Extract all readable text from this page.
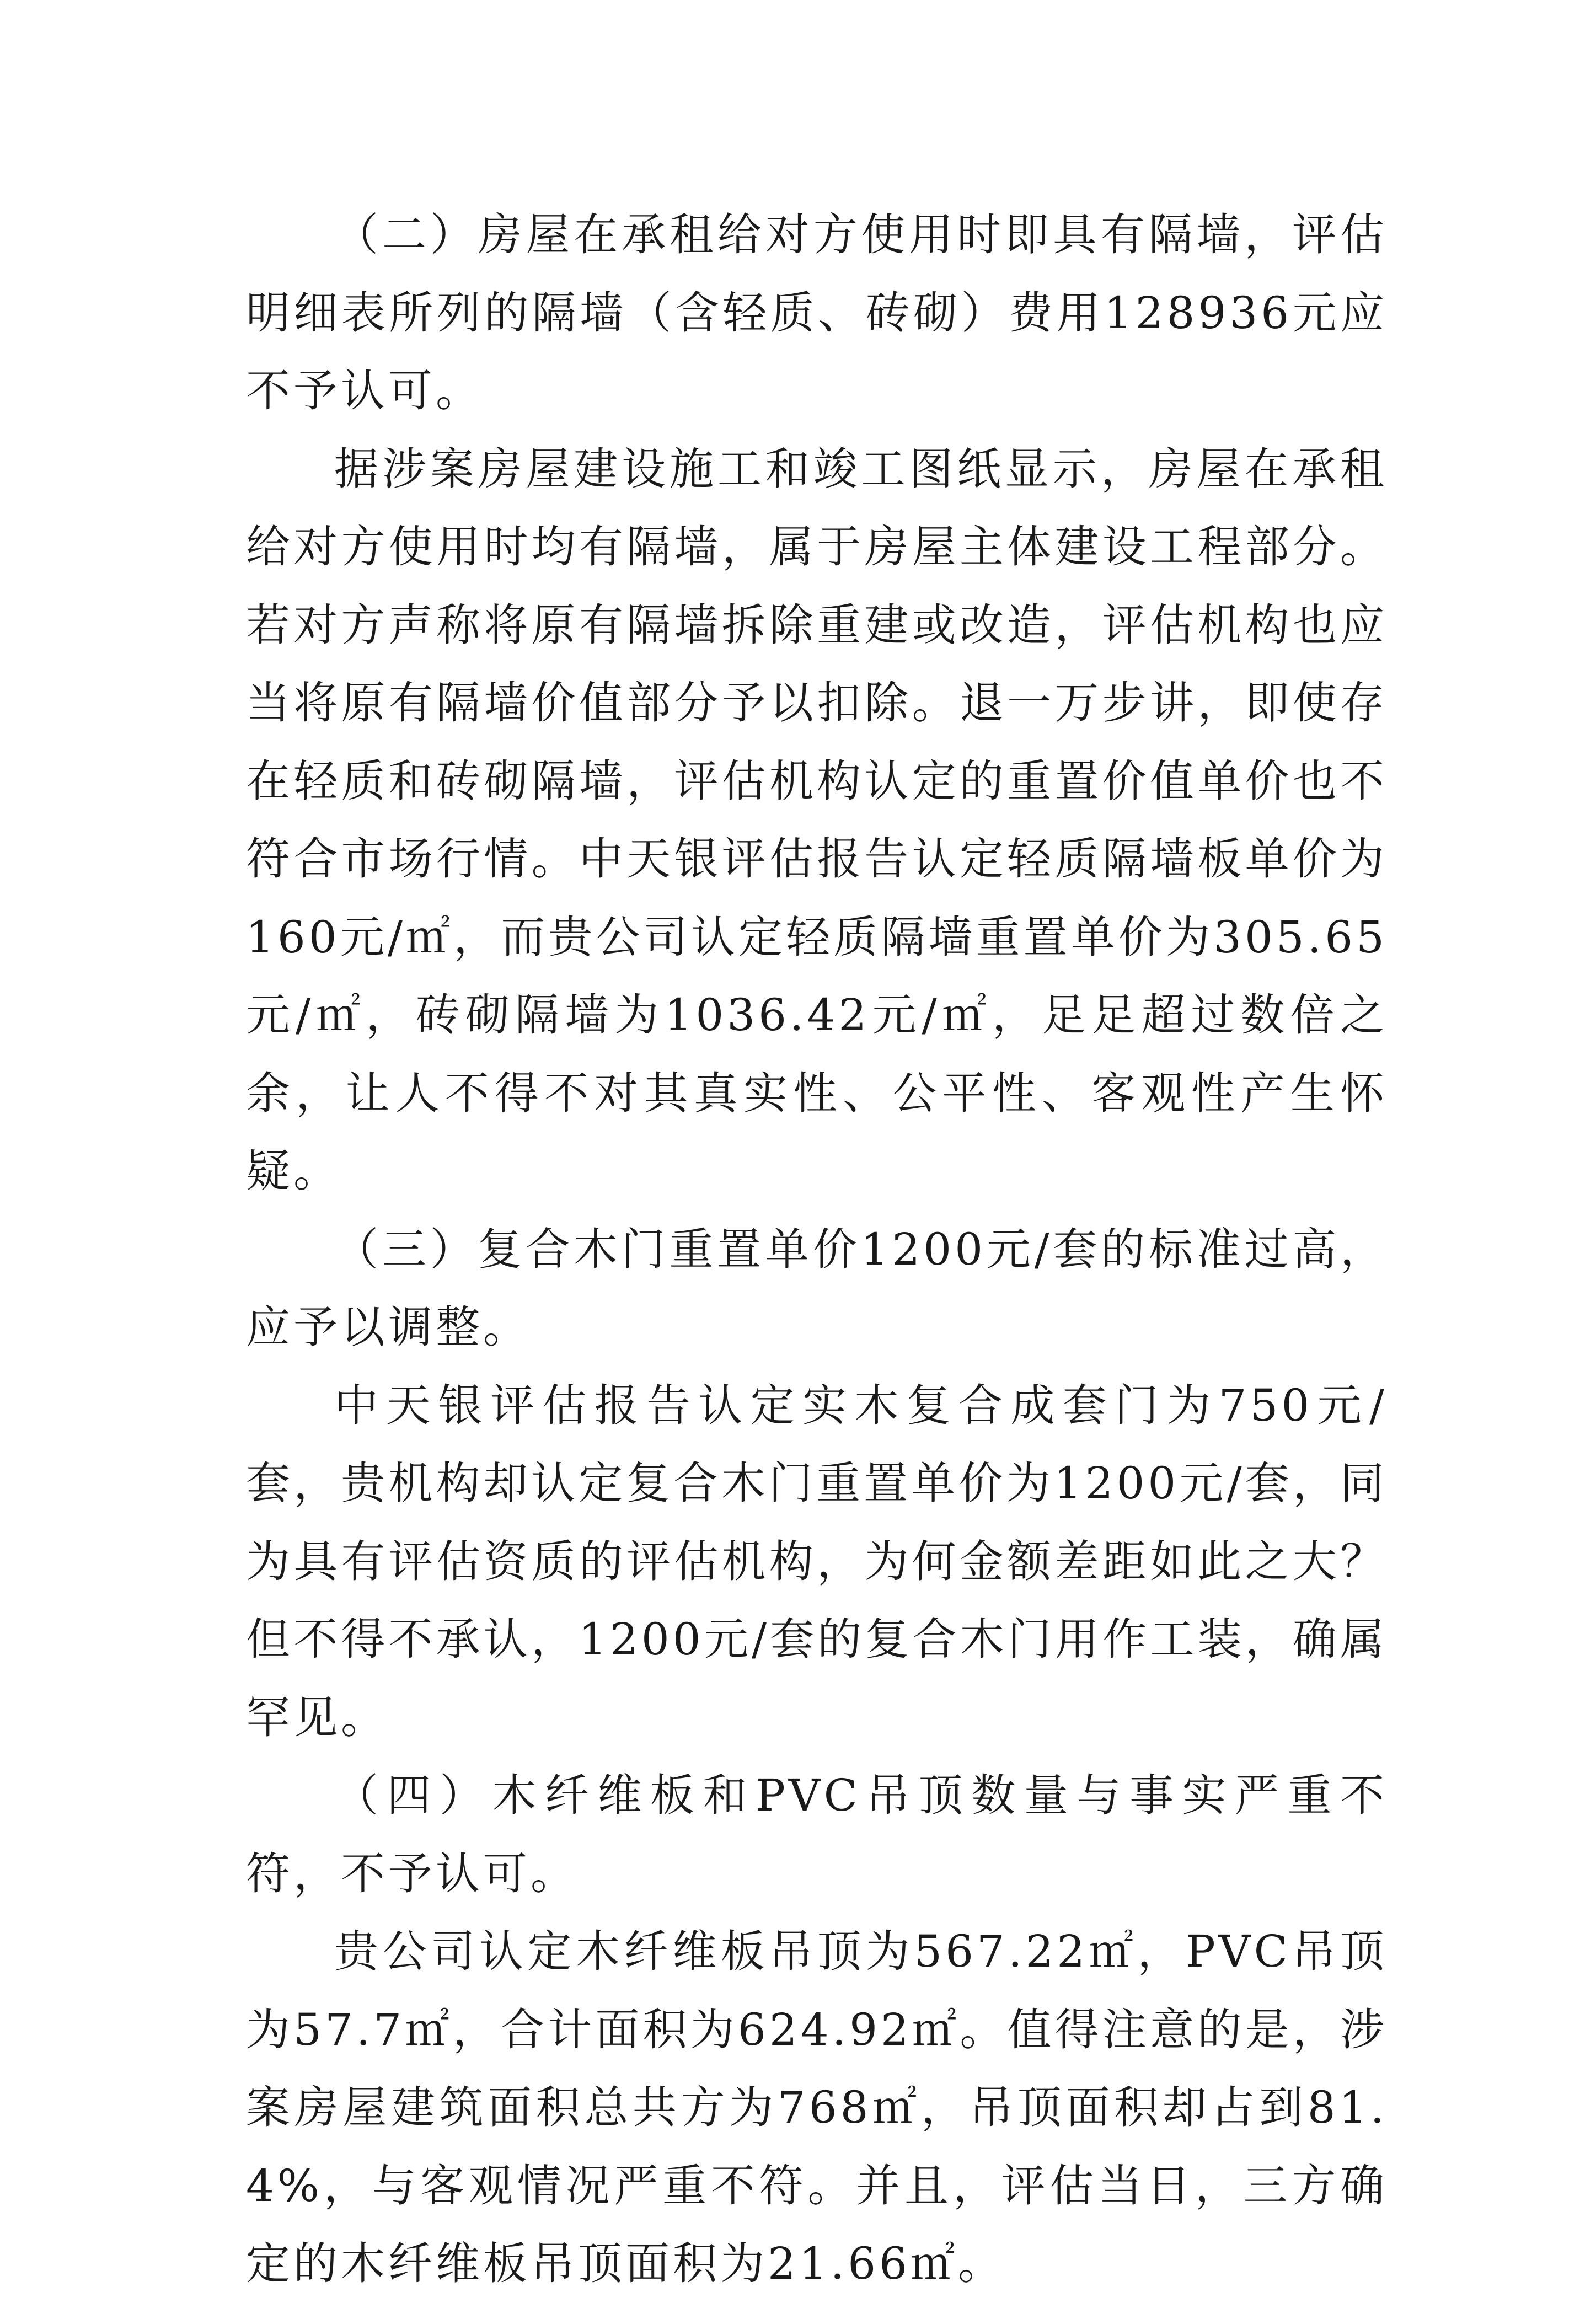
（二）房屋在承租给对方使用时即具有隔墙，评估明细表所列的隔墙（含轻质、砖砌）费用128936元应不予认可。

据涉案房屋建设施工和竣工图纸显示，房屋在承租给对方使用时均有隔墙，属于房屋主体建设工程部分。若对方声称将原有隔墙拆除重建或改造，评估机构也应当将原有隔墙价值部分予以扣除。退一万步讲，即使存在轻质和砖砌隔墙，评估机构认定的重置价值单价也不符合市场行情。中天银评估报告认定轻质隔墙板单价为160元/㎡，而贵公司认定轻质隔墙重置单价为305.65元/㎡，砖砌隔墙为1036.42元/㎡，足足超过数倍之余，让人不得不对其真实性、公平性、客观性产生怀疑。

（三）复合木门重置单价1200元/套的标准过高，应予以调整。

中天银评估报告认定实木复合成套门为750元/套，贵机构却认定复合木门重置单价为1200元/套，同为具有评估资质的评估机构，为何金额差距如此之大？但不得不承认，1200元/套的复合木门用作工装，确属罕见。

（四）木纤维板和PVC吊顶数量与事实严重不符，不予认可。

贵公司认定木纤维板吊顶为567.22㎡，PVC吊顶为57.7㎡，合计面积为624.92㎡。值得注意的是，涉案房屋建筑面积总共方为768㎡，吊顶面积却占到81.4%，与客观情况严重不符。并且，评估当日，三方确定的木纤维板吊顶面积为21.66㎡。
